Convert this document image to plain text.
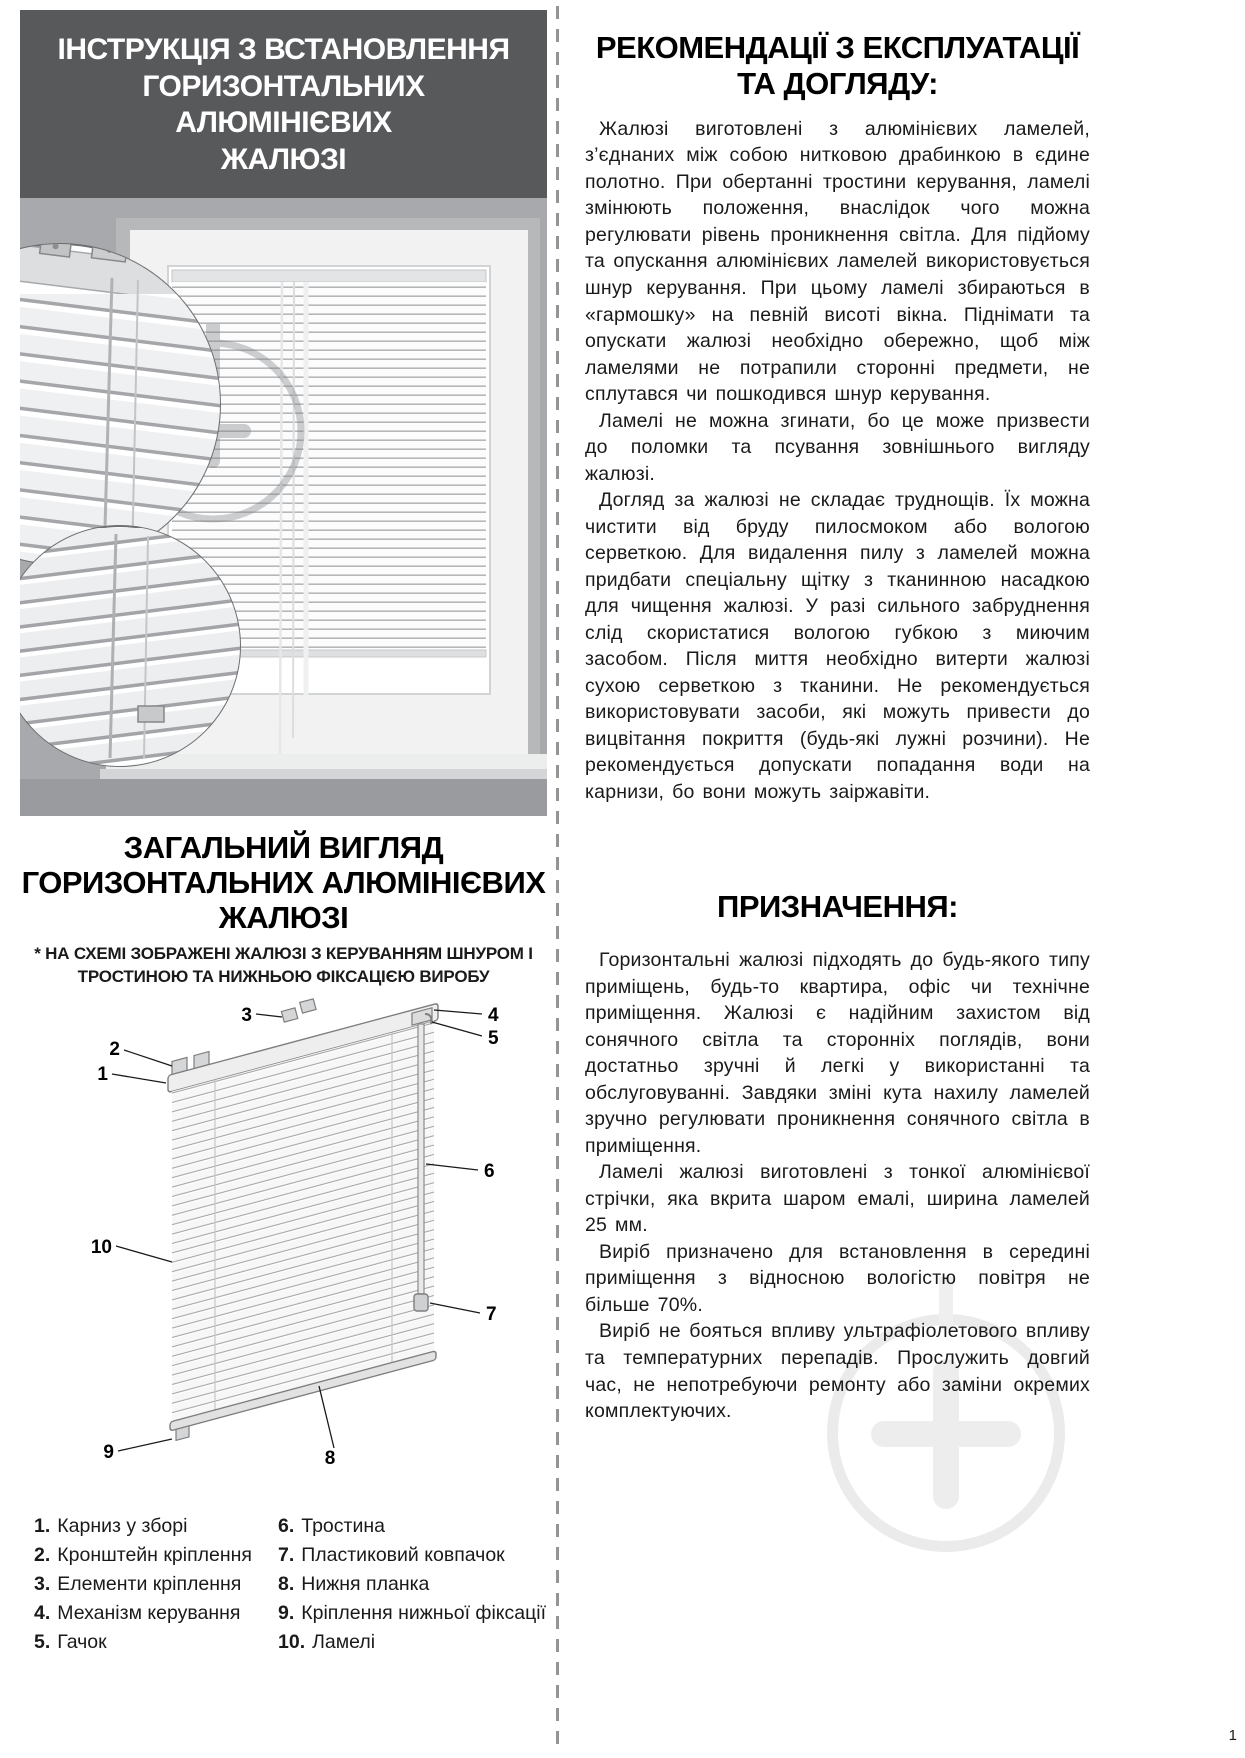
ІНСТРУКЦІЯ З ВСТАНОВЛЕННЯ
ГОРИЗОНТАЛЬНИХ АЛЮМІНІЄВИХ
ЖАЛЮЗІ
ЗАГАЛЬНИЙ ВИГЛЯД
ГОРИЗОНТАЛЬНИХ АЛЮМІНІЄВИХ
ЖАЛЮЗІ
* НА СХЕМІ ЗОБРАЖЕНІ ЖАЛЮЗІ З КЕРУВАННЯМ ШНУРОМ І
ТРОСТИНОЮ ТА НИЖНЬОЮ ФІКСАЦІЄЮ ВИРОБУ
3	4
5
2
1
6
10
7
9	8
1. Карниз у зборі	6. Тростина
2. Кронштейн кріплення 7. Пластиковий ковпачок
3. Елементи кріплення 8. Нижня планка
4. Механізм керування 9. Кріплення нижньої фіксації
5. Гачок	10. Ламелі
РЕКОМЕНДАЦІЇ З ЕКСПЛУАТАЦІЇ
ТА ДОГЛЯДУ:

Жалюзі виготовлені з алюмінієвих ламелей, з’єднаних між собою нитковою драбинкою в єдине полотно. При обертанні тростини керування, ламелі змінюють положення, внаслідок чого можна регулювати рівень проникнення світла. Для підйому та опускання алюмінієвих ламелей використовується шнур керування. При цьому ламелі збираються в «гармошку» на певній висоті вікна. Піднімати та опускати жалюзі необхідно обережно, щоб між ламелями не потрапили сторонні предмети, не сплутався чи пошкодився шнур керування.

Ламелі не можна згинати, бо це може призвести до поломки та псування зовнішнього вигляду жалюзі.

Догляд за жалюзі не складає труднощів. Їх можна чистити від бруду пилосмоком або вологою серветкою. Для видалення пилу з ламелей можна придбати спеціальну щітку з тканинною насадкою для чищення жалюзі. У разі сильного забруднення слід скористатися вологою губкою з миючим засобом. Після миття необхідно витерти жалюзі сухою серветкою з тканини. Не рекомендується використовувати засоби, які можуть привести до вицвітання покриття (будь-які лужні розчини). Не рекомендується допускати попадання води на карнизи, бо вони можуть заіржавіти.

ПРИЗНАЧЕННЯ:

Горизонтальні жалюзі підходять до будь-якого типу приміщень, будь-то квартира, офіс чи технічне приміщення. Жалюзі є надійним захистом від сонячного світла та сторонніх поглядів, вони достатньо зручні й легкі у використанні та обслуговуванні. Завдяки зміні кута нахилу ламелей зручно регулювати проникнення сонячного світла в приміщення.

Ламелі жалюзі виготовлені з тонкої алюмінієвої стрічки, яка вкрита шаром емалі, ширина ламелей 25 мм.

Виріб призначено для встановлення в середині приміщення з відносною вологістю повітря не більше 70%.

Виріб не бояться впливу ультрафіолетового впливу та температурних перепадів. Прослужить довгий час, не непотребуючи ремонту або заміни окремих комплектуючих.

1
